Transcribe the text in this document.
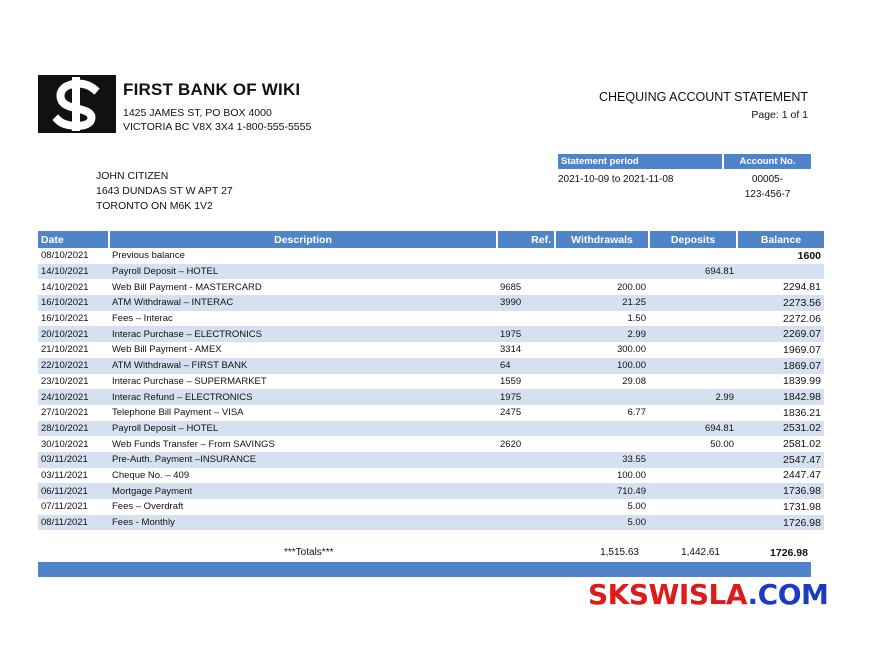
FIRST BANK OF WIKI
1425 JAMES ST, PO BOX 4000
VICTORIA BC V8X 3X4 1-800-555-5555
CHEQUING ACCOUNT STATEMENT
Page: 1 of 1
JOHN CITIZEN
1643 DUNDAS ST W APT 27
TORONTO ON M6K 1V2
Statement period
2021-10-09 to 2021-11-08
Account No.
00005-
123-456-7
Date	Description	Ref.	Withdrawals	Deposits	Balance
08/10/2021	Previous balance				1600
14/10/2021	Payroll Deposit – HOTEL			694.81	
14/10/2021	Web Bill Payment - MASTERCARD	9685	200.00		2294.81
16/10/2021	ATM Withdrawal – INTERAC	3990	21.25		2273.56
16/10/2021	Fees – Interac		1.50		2272.06
20/10/2021	Interac Purchase – ELECTRONICS	1975	2.99		2269.07
21/10/2021	Web Bill Payment - AMEX	3314	300.00		1969.07
22/10/2021	ATM Withdrawal – FIRST BANK	64	100.00		1869.07
23/10/2021	Interac Purchase – SUPERMARKET	1559	29.08		1839.99
24/10/2021	Interac Refund – ELECTRONICS	1975		2.99	1842.98
27/10/2021	Telephone Bill Payment – VISA	2475	6.77		1836.21
28/10/2021	Payroll Deposit – HOTEL			694.81	2531.02
30/10/2021	Web Funds Transfer – From SAVINGS	2620		50.00	2581.02
03/11/2021	Pre-Auth. Payment –INSURANCE		33.55		2547.47
03/11/2021	Cheque No. – 409		100.00		2447.47
06/11/2021	Mortgage Payment		710.49		1736.98
07/11/2021	Fees – Overdraft		5.00		1731.98
08/11/2021	Fees - Monthly		5.00		1726.98
***Totals***	1,515.63	1,442.61	1726.98
SKSWISLA.COM
